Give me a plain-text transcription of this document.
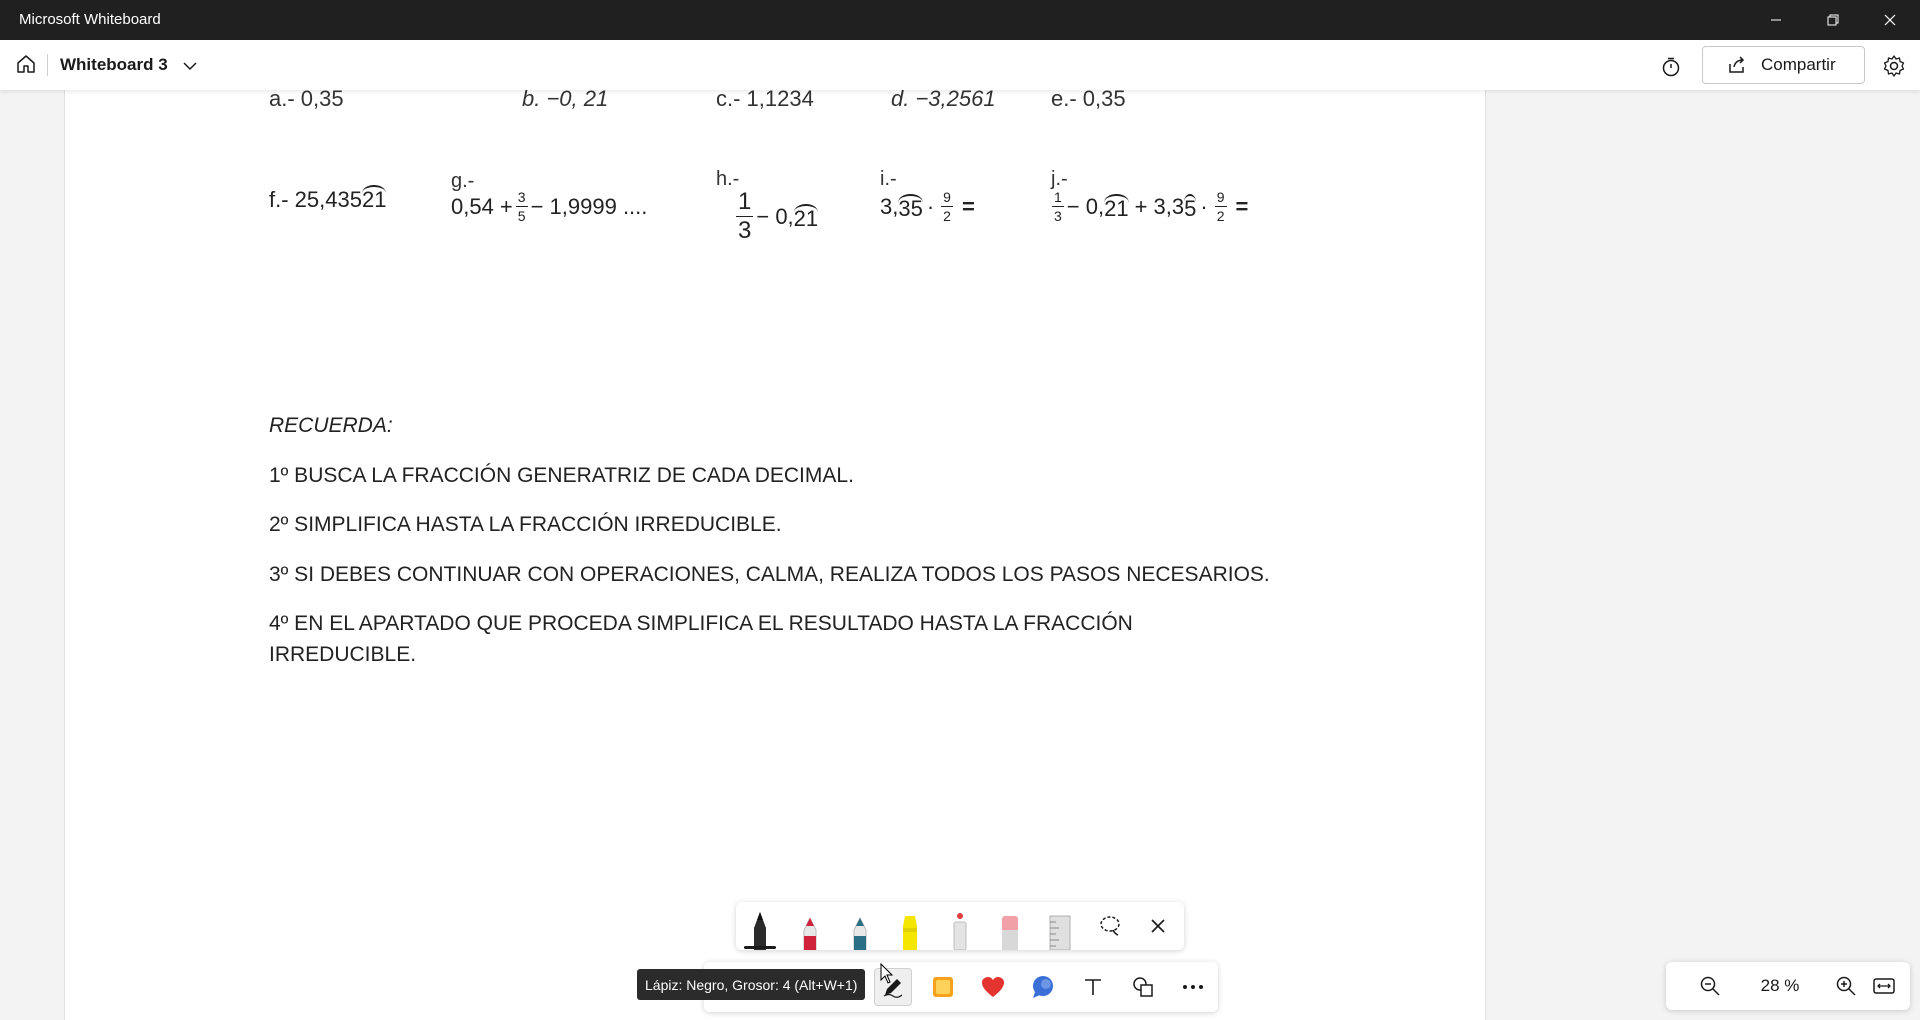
Microsoft Whiteboard
Whiteboard 3	Compartir
a.- 0,35	b. −0, 21	c.- 1,1234	d. −3,2561	e.- 0,35
f.- 25,43521
g.-
$0,54 + \frac{3}{5} - 1,9999$ ....
h.-
$\frac{1}{3} - 0$, 21
i.-
3, $35 \cdot \frac{9}{2}$ =
j.-
$\frac{1}{3} - 0$, 21 + 3,3 $5 \cdot \frac{9}{2}$ =
RECUERDA:
1º BUSCA LA FRACCIÓN GENERATRIZ DE CADA DECIMAL.
2º SIMPLIFICA HASTA LA FRACCIÓN IRREDUCIBLE.
3º SI DEBES CONTINUAR CON OPERACIONES, CALMA, REALIZA TODOS LOS PASOS NECESARIOS.
4º EN EL APARTADO QUE PROCEDA SIMPLIFICA EL RESULTADO HASTA LA FRACCIÓN
IRREDUCIBLE.
Lápiz: Negro, Grosor: 4 (Alt+W+1)	28 %
